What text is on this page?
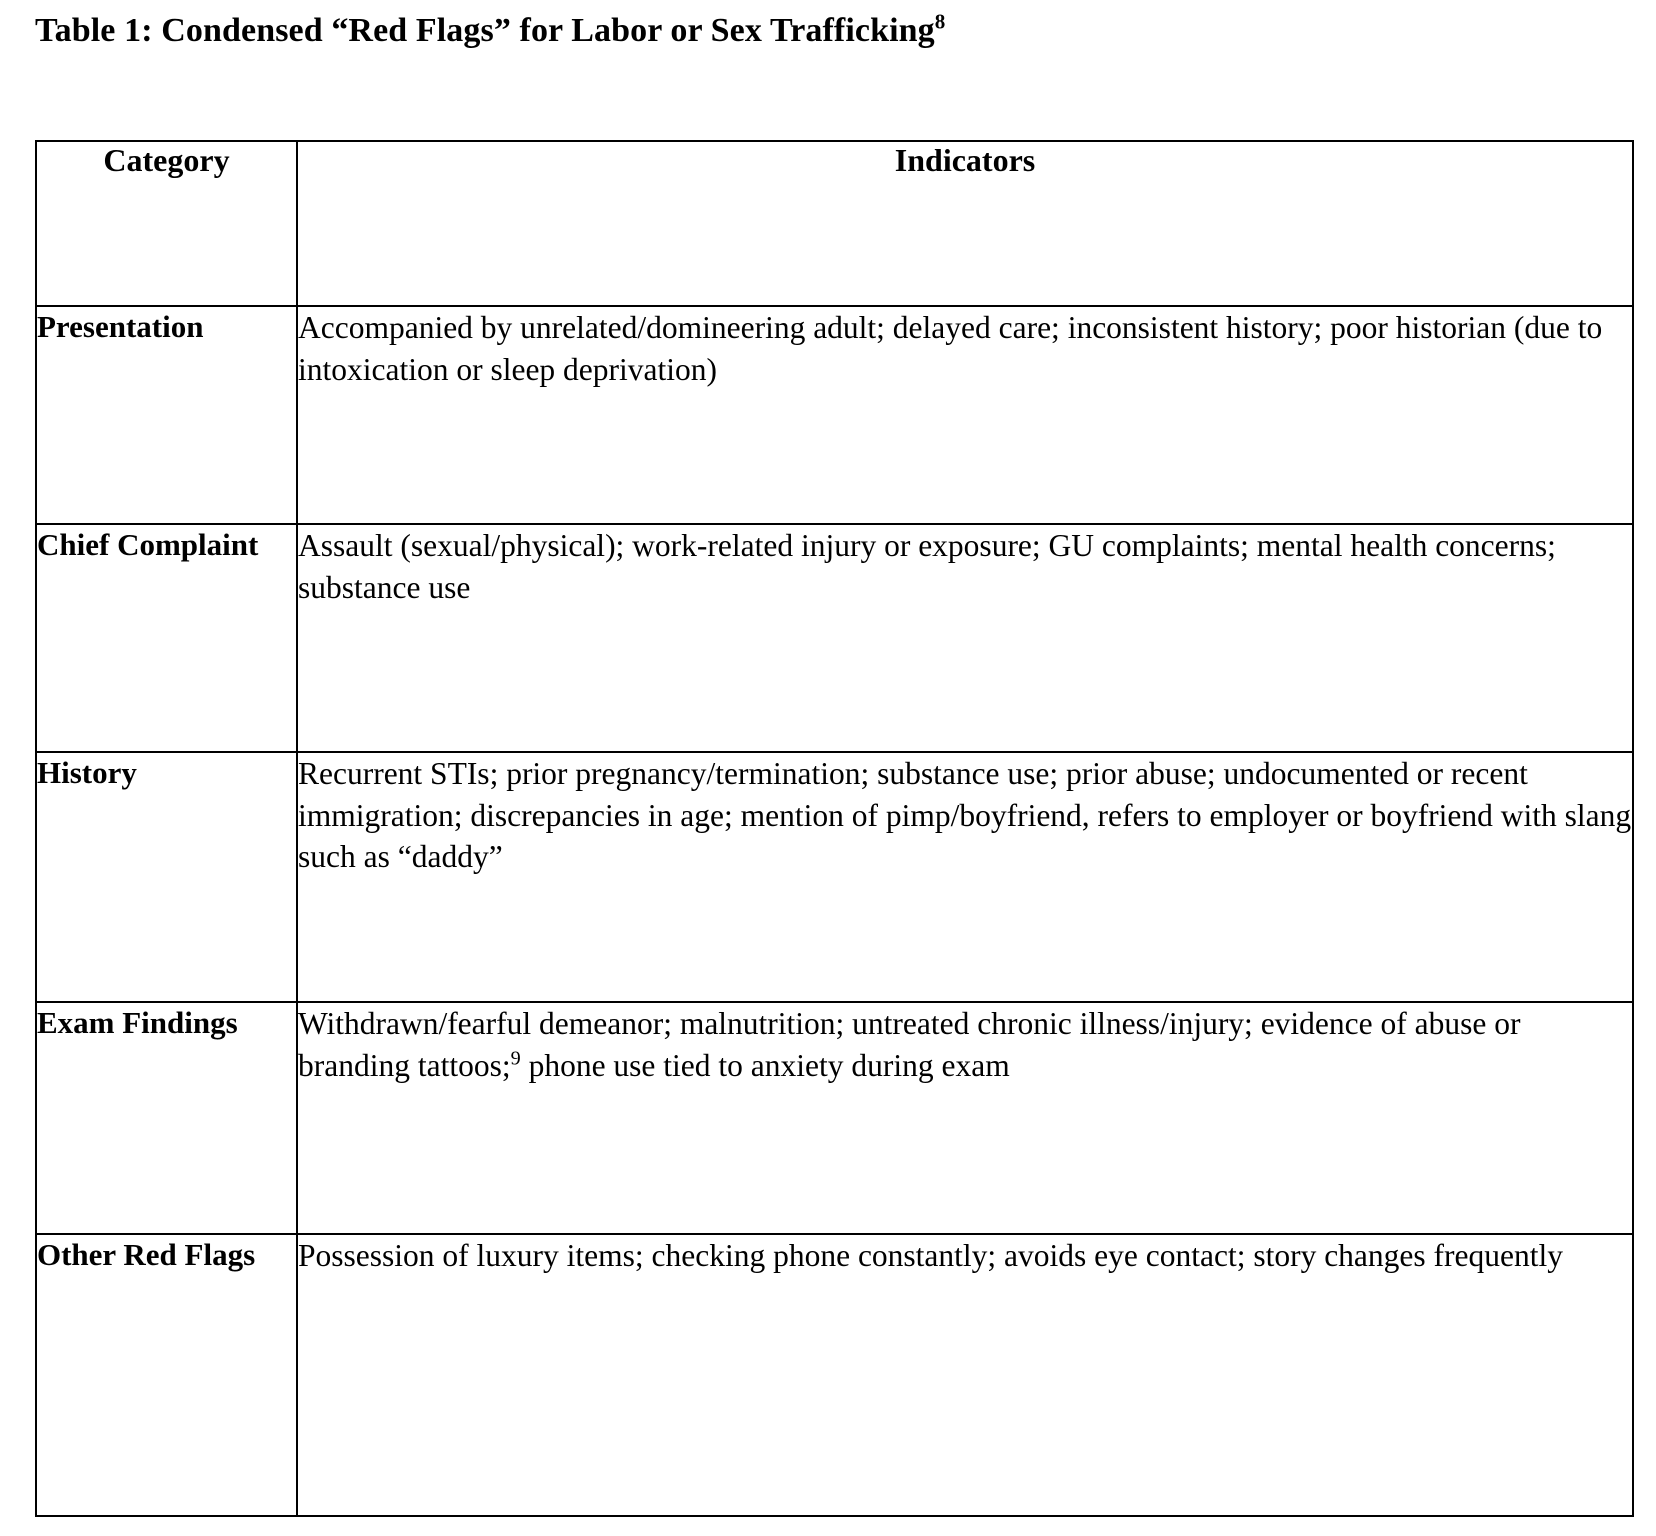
Table 1: Condensed “Red Flags” for Labor or Sex Trafficking$^8$
Category	Indicators
Presentation	Accompanied by unrelated/domineering adult; delayed care; inconsistent history; poor historian (due to intoxication or sleep deprivation)
Chief Complaint	Assault (sexual/physical); work-related injury or exposure; GU complaints; mental health concerns; substance use
History	Recurrent STIs; prior pregnancy/termination; substance use; prior abuse; undocumented or recent immigration; discrepancies in age; mention of pimp/boyfriend, refers to employer or boyfriend with slang such as “daddy”
Exam Findings	Withdrawn/fearful demeanor; malnutrition; untreated chronic illness/injury; evidence of abuse or branding tattoos;$^9$ phone use tied to anxiety during exam
Other Red Flags	Possession of luxury items; checking phone constantly; avoids eye contact; story changes frequently
